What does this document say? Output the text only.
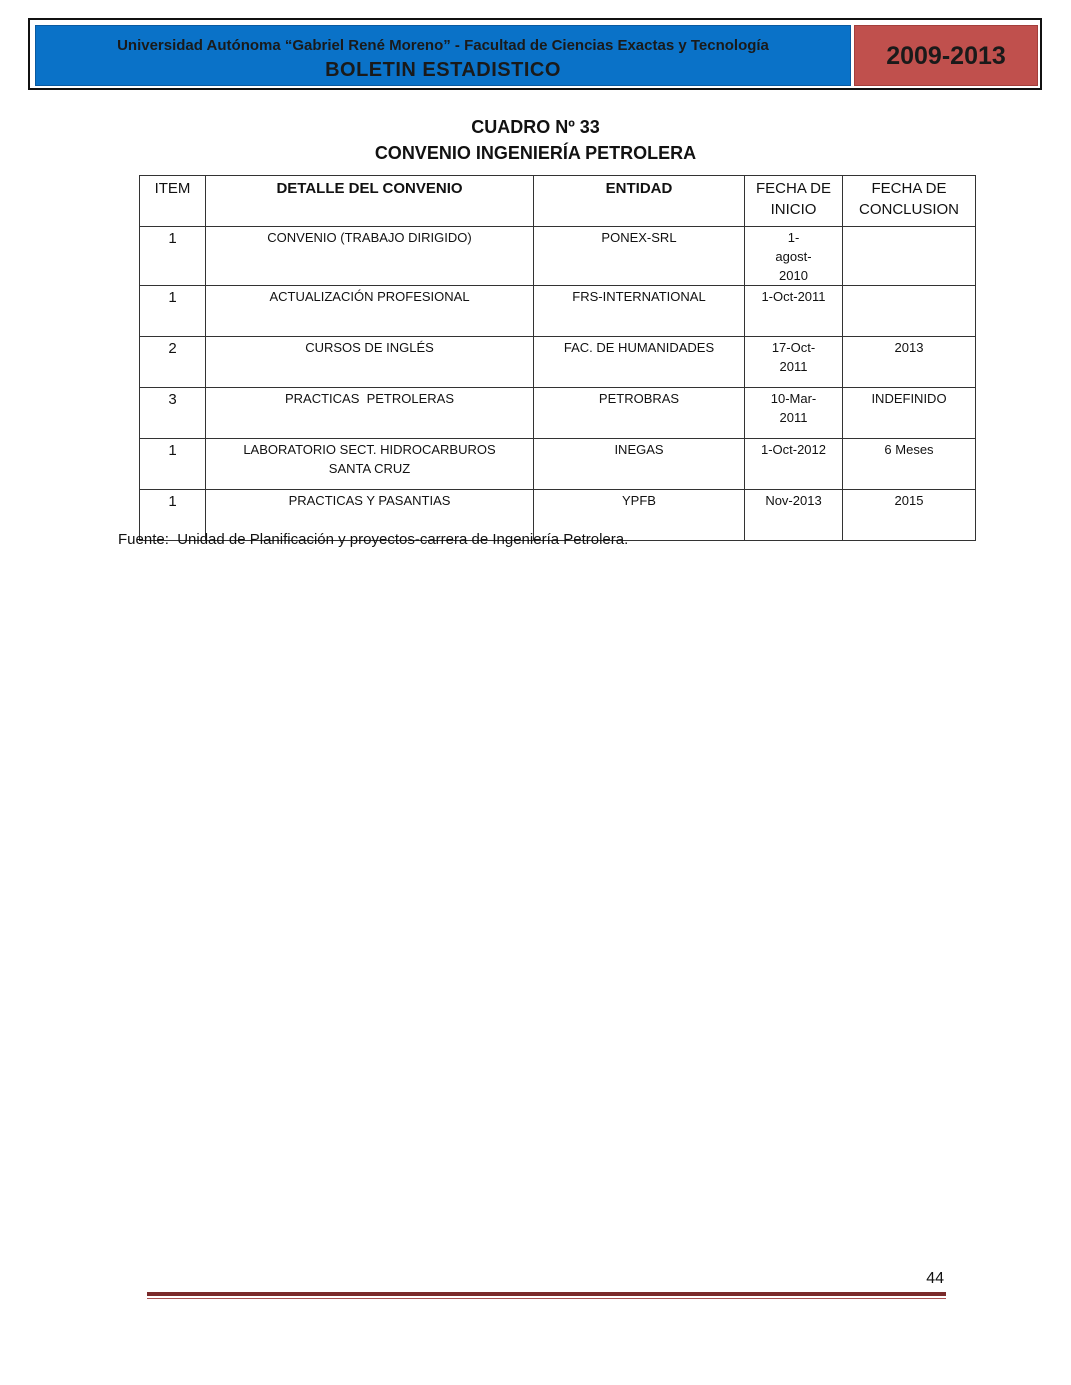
Universidad Autónoma “Gabriel René Moreno” - Facultad de Ciencias Exactas y Tecnología
BOLETIN ESTADISTICO	2009-2013
CUADRO Nº 33
CONVENIO INGENIERÍA PETROLERA
ITEM	DETALLE DEL CONVENIO	ENTIDAD	FECHA DE INICIO	FECHA DE CONCLUSION
1	CONVENIO (TRABAJO DIRIGIDO)	PONEX-SRL	1-agost-2010	
1	ACTUALIZACIÓN PROFESIONAL	FRS-INTERNATIONAL	1-Oct-2011	
2	CURSOS DE INGLÉS	FAC. DE HUMANIDADES	17-Oct-2011	2013
3	PRACTICAS  PETROLERAS	PETROBRAS	10-Mar-2011	INDEFINIDO
1	LABORATORIO SECT. HIDROCARBUROS SANTA CRUZ	INEGAS	1-Oct-2012	6 Meses
1	PRACTICAS Y PASANTIAS	YPFB	Nov-2013	2015
Fuente:  Unidad de Planificación y proyectos-carrera de Ingeniería Petrolera.
44
